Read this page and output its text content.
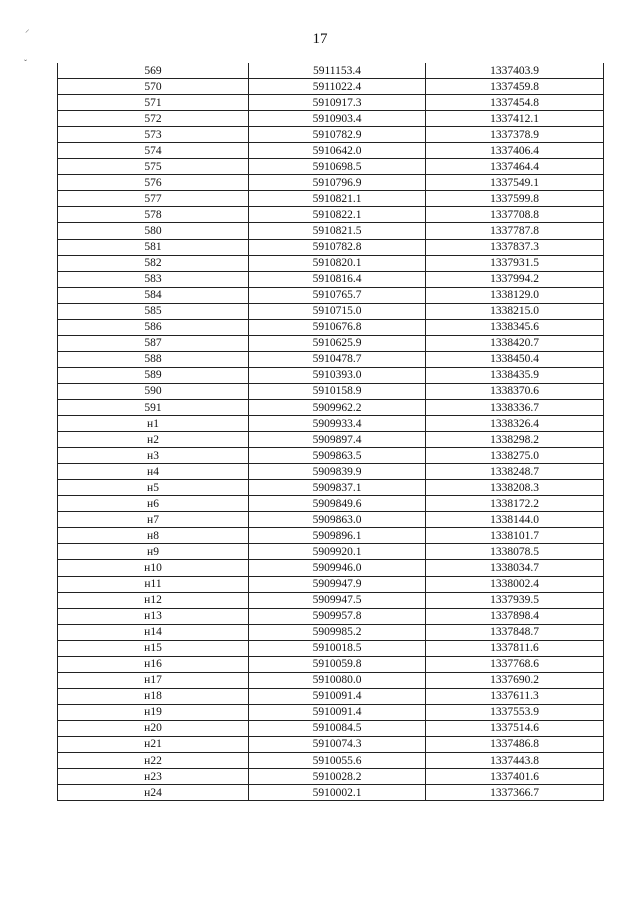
⸝
ˇ
17
569	5911153.4	1337403.9
570	5911022.4	1337459.8
571	5910917.3	1337454.8
572	5910903.4	1337412.1
573	5910782.9	1337378.9
574	5910642.0	1337406.4
575	5910698.5	1337464.4
576	5910796.9	1337549.1
577	5910821.1	1337599.8
578	5910822.1	1337708.8
580	5910821.5	1337787.8
581	5910782.8	1337837.3
582	5910820.1	1337931.5
583	5910816.4	1337994.2
584	5910765.7	1338129.0
585	5910715.0	1338215.0
586	5910676.8	1338345.6
587	5910625.9	1338420.7
588	5910478.7	1338450.4
589	5910393.0	1338435.9
590	5910158.9	1338370.6
591	5909962.2	1338336.7
н1	5909933.4	1338326.4
н2	5909897.4	1338298.2
н3	5909863.5	1338275.0
н4	5909839.9	1338248.7
н5	5909837.1	1338208.3
н6	5909849.6	1338172.2
н7	5909863.0	1338144.0
н8	5909896.1	1338101.7
н9	5909920.1	1338078.5
н10	5909946.0	1338034.7
н11	5909947.9	1338002.4
н12	5909947.5	1337939.5
н13	5909957.8	1337898.4
н14	5909985.2	1337848.7
н15	5910018.5	1337811.6
н16	5910059.8	1337768.6
н17	5910080.0	1337690.2
н18	5910091.4	1337611.3
н19	5910091.4	1337553.9
н20	5910084.5	1337514.6
н21	5910074.3	1337486.8
н22	5910055.6	1337443.8
н23	5910028.2	1337401.6
н24	5910002.1	1337366.7
